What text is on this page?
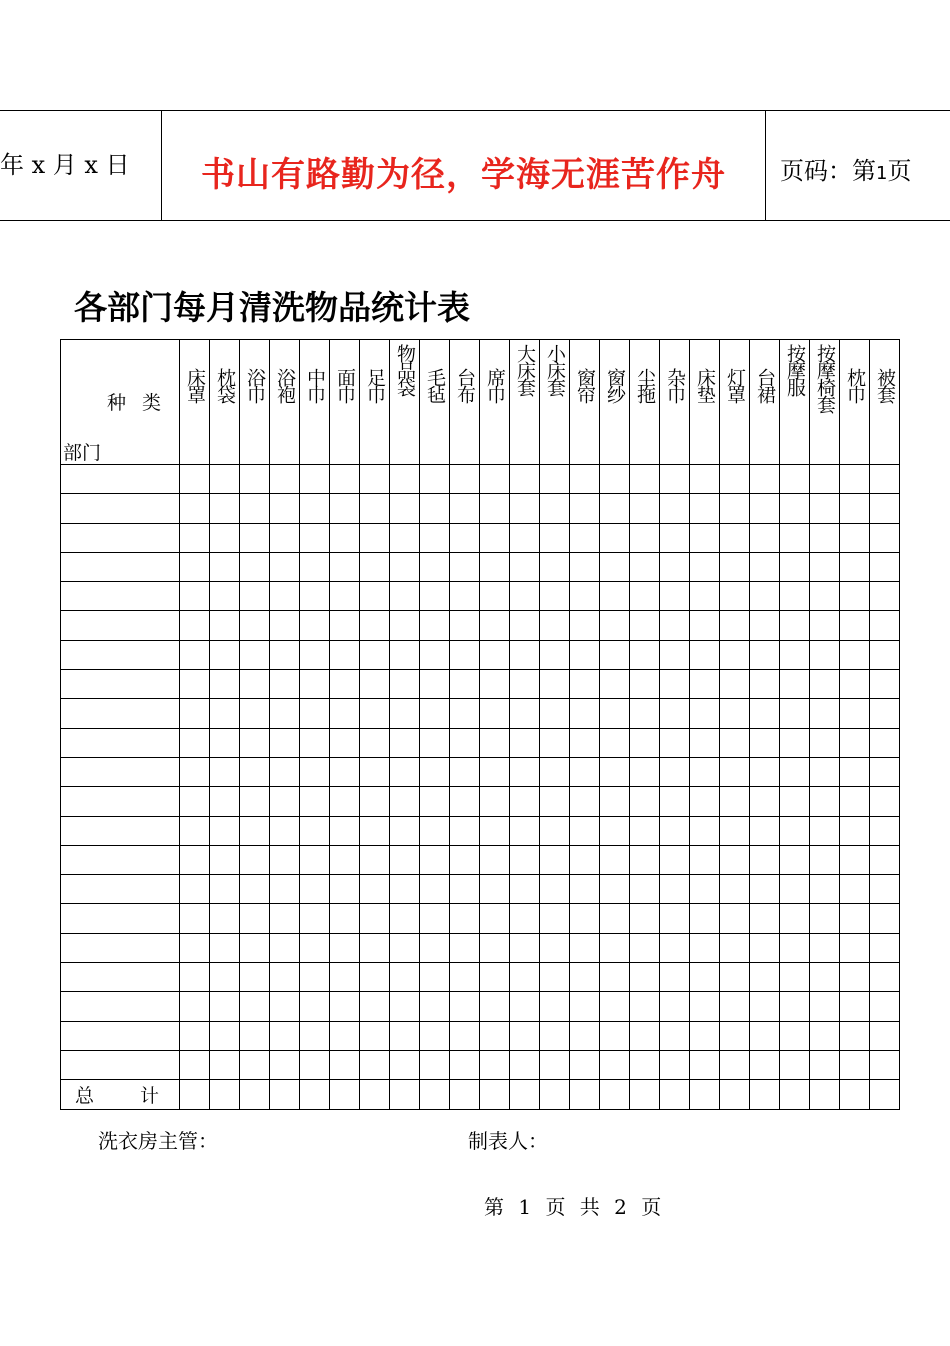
年 x 月 x 日	书山有路勤为径，学海无涯苦作舟	页码：第1页
各部门每月清洗物品统计表
种 类
部门	床罩	枕袋	浴巾	浴袍	中巾	面巾	足巾	物品袋	毛毡	台布	席巾	大床套	小床套	窗帘	窗纱	尘拖	杂巾	床垫	灯罩	台裙	按摩服	按摩椅套	枕巾	被套

总 计																								
洗衣房主管：	制表人：
第 1 页 共 2 页
